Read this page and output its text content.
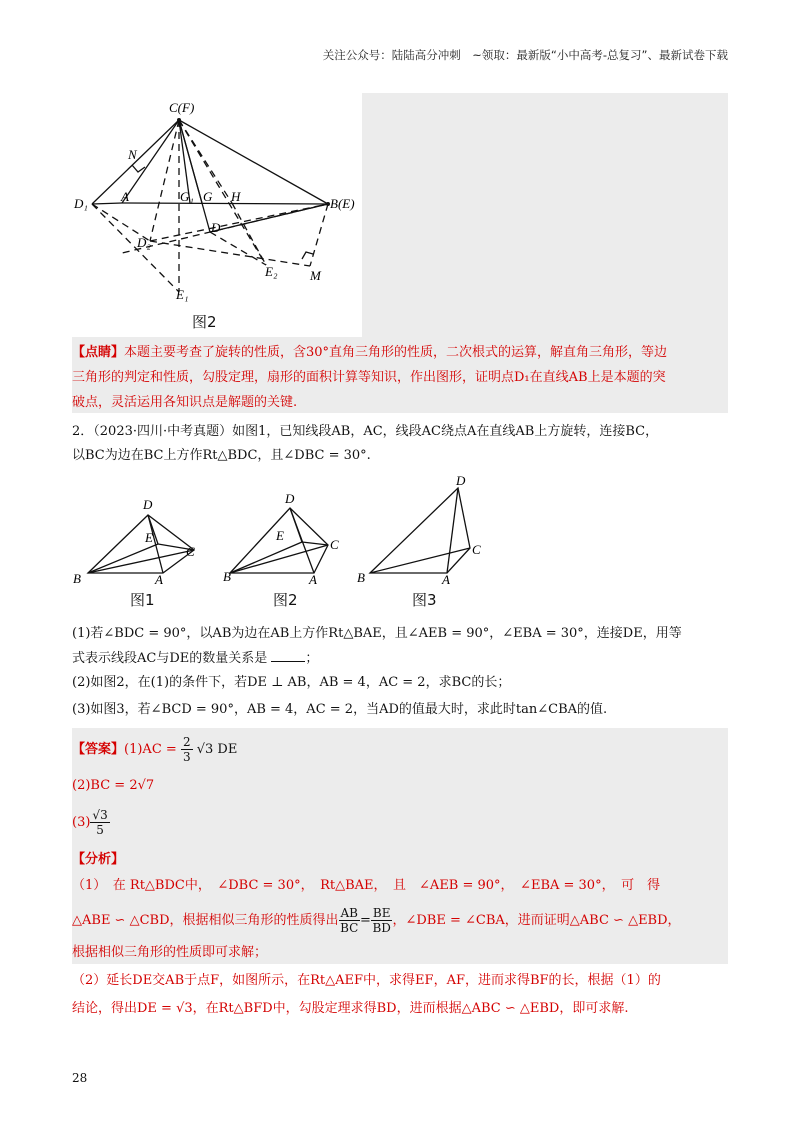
关注公众号：陆陆高分冲刺　~领取：最新版“小中高考-总复习”、最新试卷下载
C(F)
N
D₁	A	G₁ G H	B(E)
D
D₂
E₂	M
E₁
图2
【点睛】本题主要考查了旋转的性质，含30°直角三角形的性质，二次根式的运算，解直角三角形，等边
三角形的判定和性质，勾股定理，扇形的面积计算等知识，作出图形，证明点D₁在直线AB上是本题的突
破点，灵活运用各知识点是解题的关键.
2．（2023·四川·中考真题）如图1，已知线段AB，AC，线段AC绕点A在直线AB上方旋转，连接BC，
以BC为边在BC上方作Rt△BDC，且∠DBC = 30°.
D
E
C
B	A
D
E
C
B	A
D
C
B	A
图1	图2	图3
(1)若∠BDC = 90°，以AB为边在AB上方作Rt△BAE，且∠AEB = 90°，∠EBA = 30°，连接DE，用等
式表示线段AC与DE的数量关系是	；
(2)如图2，在(1)的条件下，若DE ⊥ AB，AB = 4，AC = 2，求BC的长；
(3)如图3，若∠BCD = 90°，AB = 4，AC = 2，当AD的值最大时，求此时tan∠CBA的值.
【答案】$(1)AC = \frac{2}{3} √3$ DE
(2)BC = 2√7
$(3) \frac{√3}{5}$
【分析】
（1）　在 Rt△BDC中，　∠DBC = 30°，　Rt△BAE，　且　∠AEB = 90°，　∠EBA = 30°，　可　得
△ABE ∽ △CBD，根据相似三角形的性质得出 $\frac{AB}{BC} = \frac{BE}{BD}$ ，∠DBE = ∠CBA，进而证明△ABC ∽ △EBD，
根据相似三角形的性质即可求解；
（2）延长DE交AB于点F，如图所示，在Rt△AEF中，求得EF，AF，进而求得BF的长，根据（1）的
结论，得出DE = √3，在Rt△BFD中，勾股定理求得BD，进而根据△ABC ∽ △EBD，即可求解.
28
